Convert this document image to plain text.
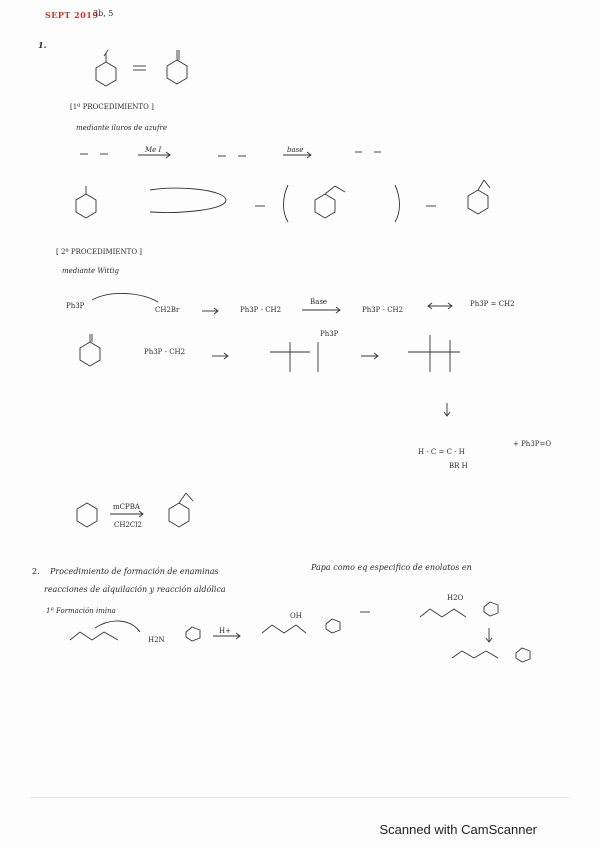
SEPT 2019
3b, 5
1.
[1º PROCEDIMIENTO ]
mediante iluros de azufre
Me I	base
[ 2º PROCEDIMIENTO ]
mediante Wittig
Ph3P	CH2Br	Ph3P - CH2
Base
Ph3P - CH2
Ph3P = CH2
Ph3P - CH2
Ph3P
H - C = C - H
+ Ph3P=O
BR H
mCPBA
CH2Cl2
2. Procedimiento de formación de enaminas	Papa como eq especifico de enolatos en
reacciones de alquilación y reacción aldólica
1ª Formación imina
H2N
H+
OH
H2O
Scanned with CamScanner
